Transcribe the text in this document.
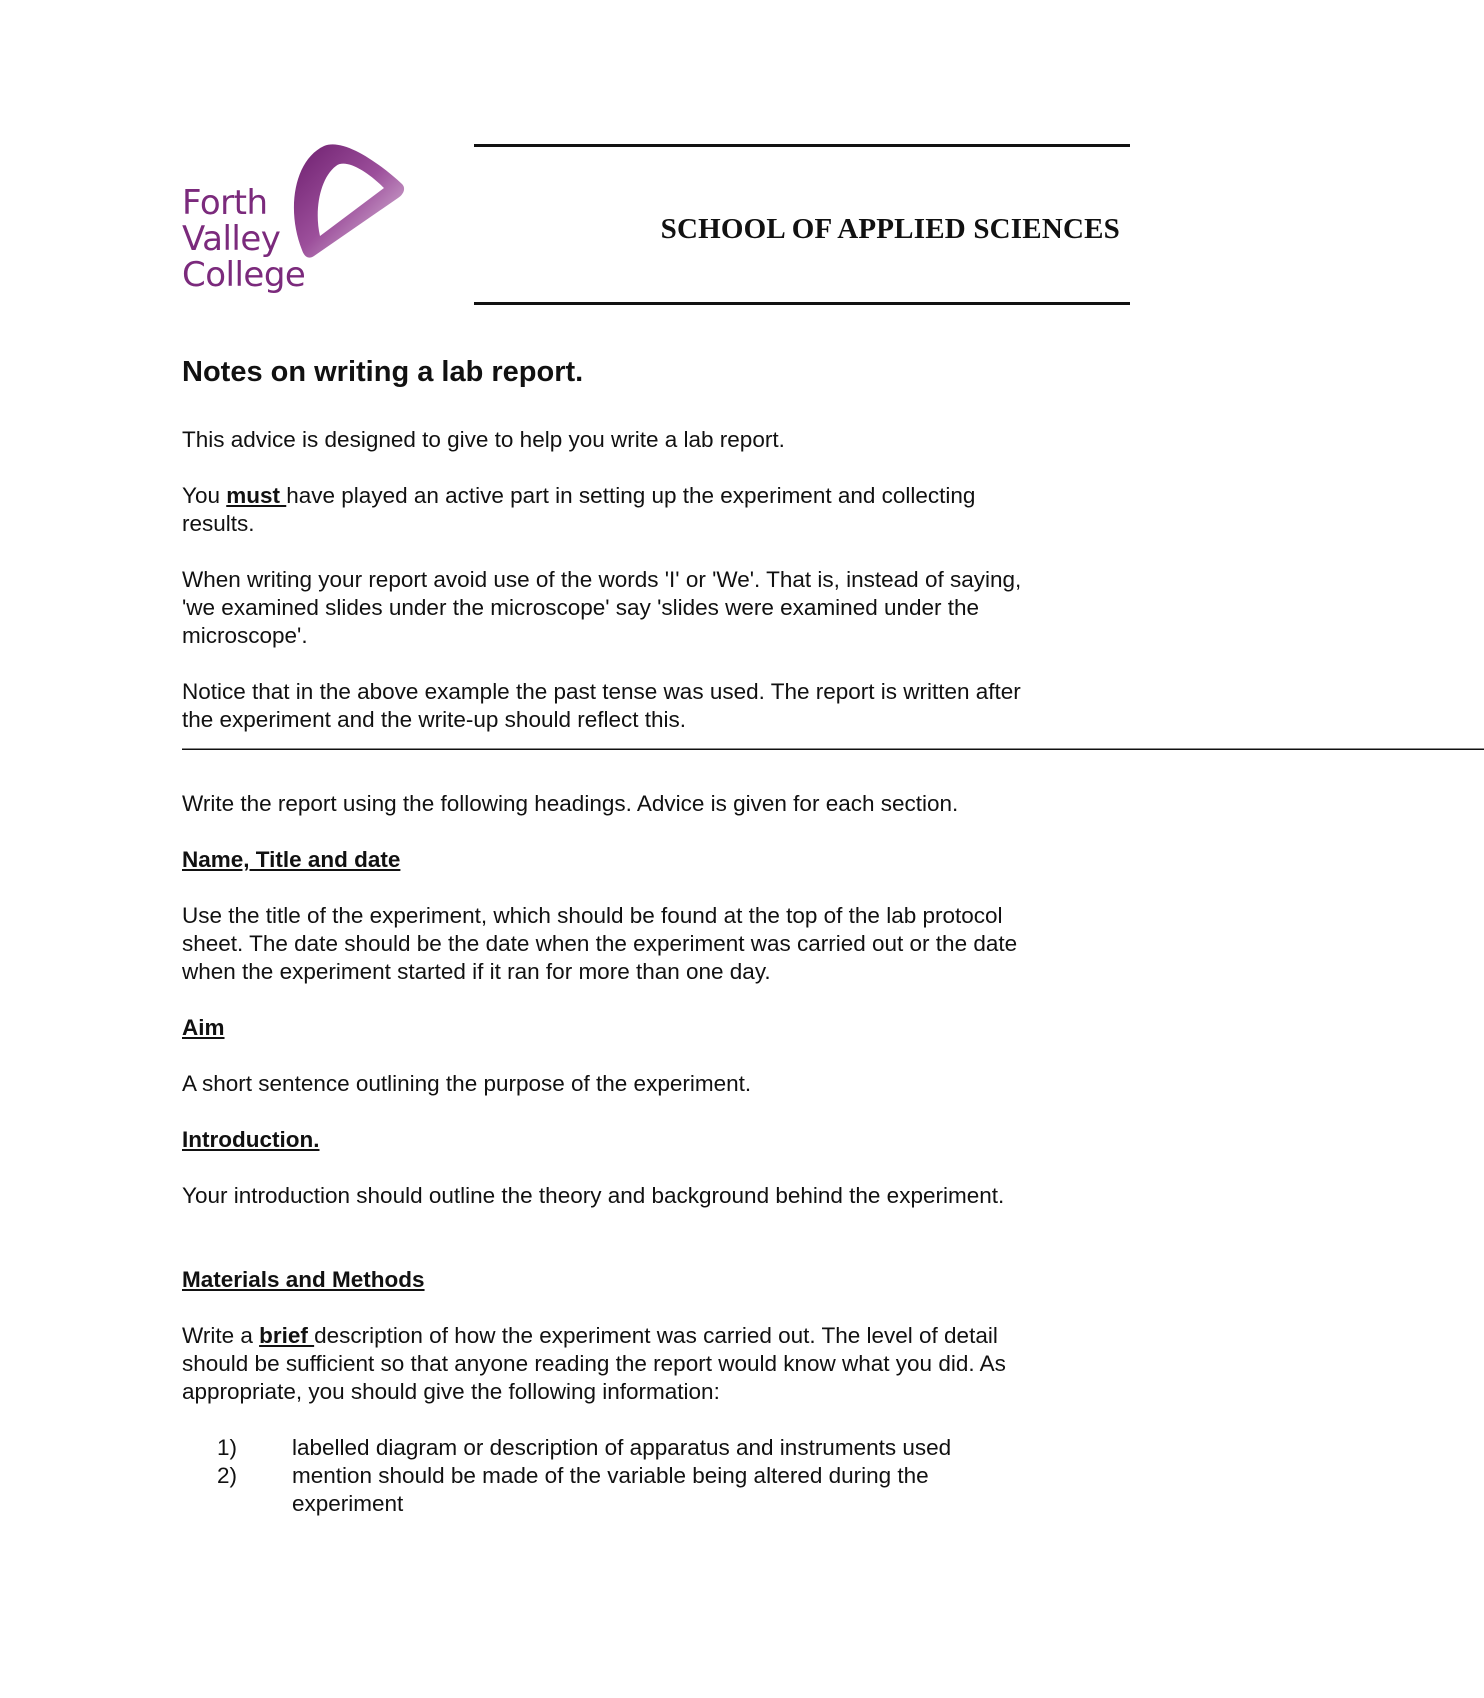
Forth
Valley
College
SCHOOL OF APPLIED SCIENCES
Notes on writing a lab report.

This advice is designed to give to help you write a lab report.

You must have played an active part in setting up the experiment and collecting results.

When writing your report avoid use of the words 'I' or 'We'. That is, instead of saying, 'we examined slides under the microscope' say 'slides were examined under the microscope'.

Notice that in the above example the past tense was used. The report is written after the experiment and the write-up should reflect this.

——————————————————————————————————————————————————————————————

Write the report using the following headings. Advice is given for each section.

Name, Title and date

Use the title of the experiment, which should be found at the top of the lab protocol sheet. The date should be the date when the experiment was carried out or the date when the experiment started if it ran for more than one day.

Aim

A short sentence outlining the purpose of the experiment.

Introduction.

Your introduction should outline the theory and background behind the experiment.

Materials and Methods

Write a brief description of how the experiment was carried out. The level of detail should be sufficient so that anyone reading the report would know what you did. As appropriate, you should give the following information:

1)	labelled diagram or description of apparatus and instruments used
2)	mention should be made of the variable being altered during the experiment
